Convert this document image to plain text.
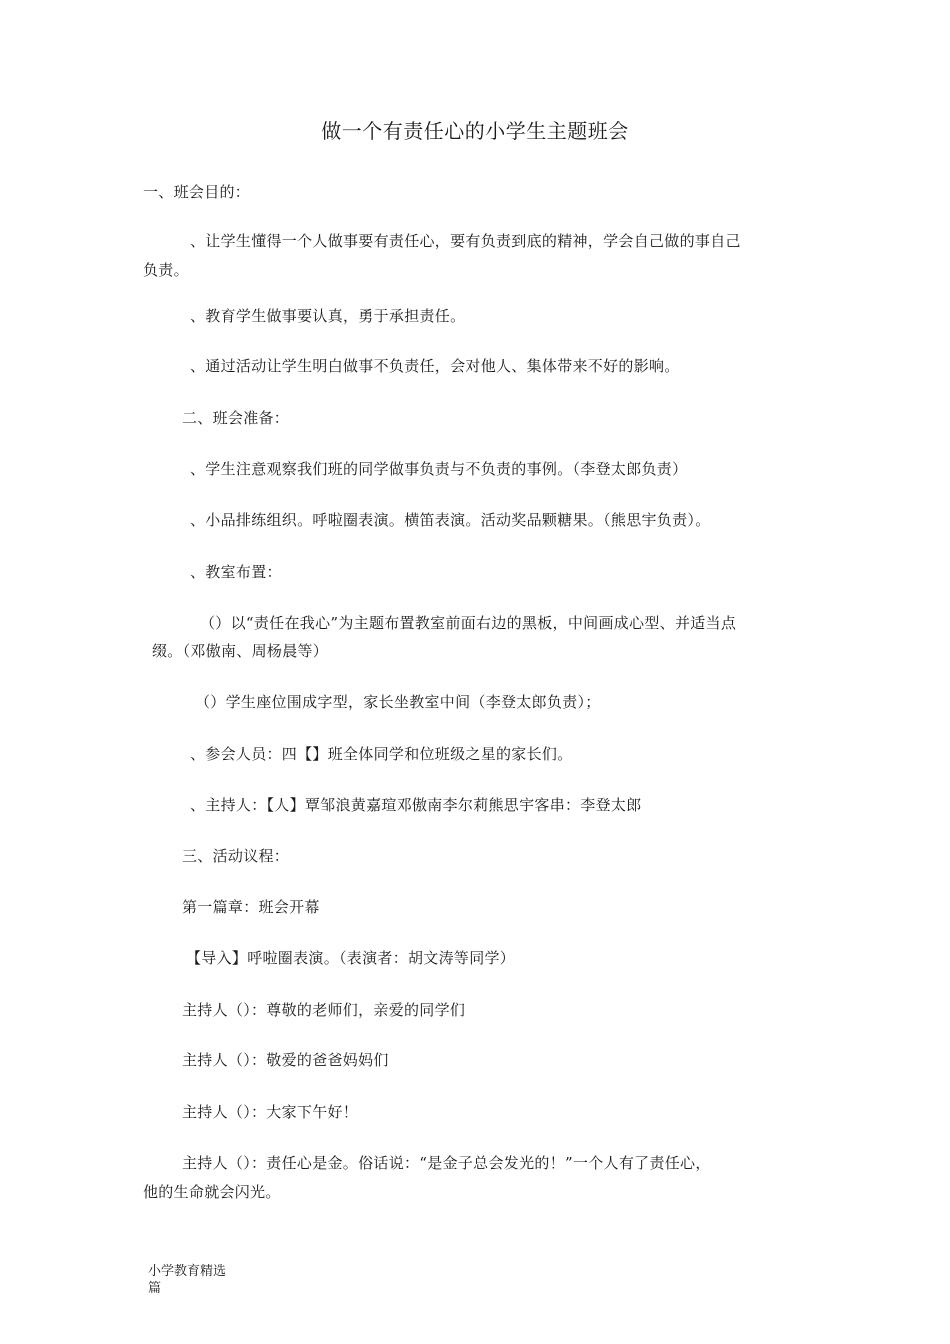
做一个有责任心的小学生主题班会
一、班会目的：
、让学生懂得一个人做事要有责任心，要有负责到底的精神，学会自己做的事自己
负责。
、教育学生做事要认真，勇于承担责任。
、通过活动让学生明白做事不负责任，会对他人、集体带来不好的影响。
二、班会准备：
、学生注意观察我们班的同学做事负责与不负责的事例。（李登太郎负责）
、小品排练组织。呼啦圈表演。横笛表演。活动奖品颗糖果。（熊思宇负责）。
、教室布置：
（）以“责任在我心”为主题布置教室前面右边的黑板，中间画成心型、并适当点
缀。（邓傲南、周杨晨等）
（）学生座位围成字型，家长坐教室中间（李登太郎负责）；
、参会人员：四【】班全体同学和位班级之星的家长们。
、主持人：【人】覃邹浪黄嘉瑄邓傲南李尔莉熊思宇客串：李登太郎
三、活动议程：
第一篇章：班会开幕
【导入】呼啦圈表演。（表演者：胡文涛等同学）
主持人（）：尊敬的老师们，亲爱的同学们
主持人（）：敬爱的爸爸妈妈们
主持人（）：大家下午好！
主持人（）：责任心是金。俗话说：“是金子总会发光的！”一个人有了责任心，
他的生命就会闪光。
小学教育精选
篇
